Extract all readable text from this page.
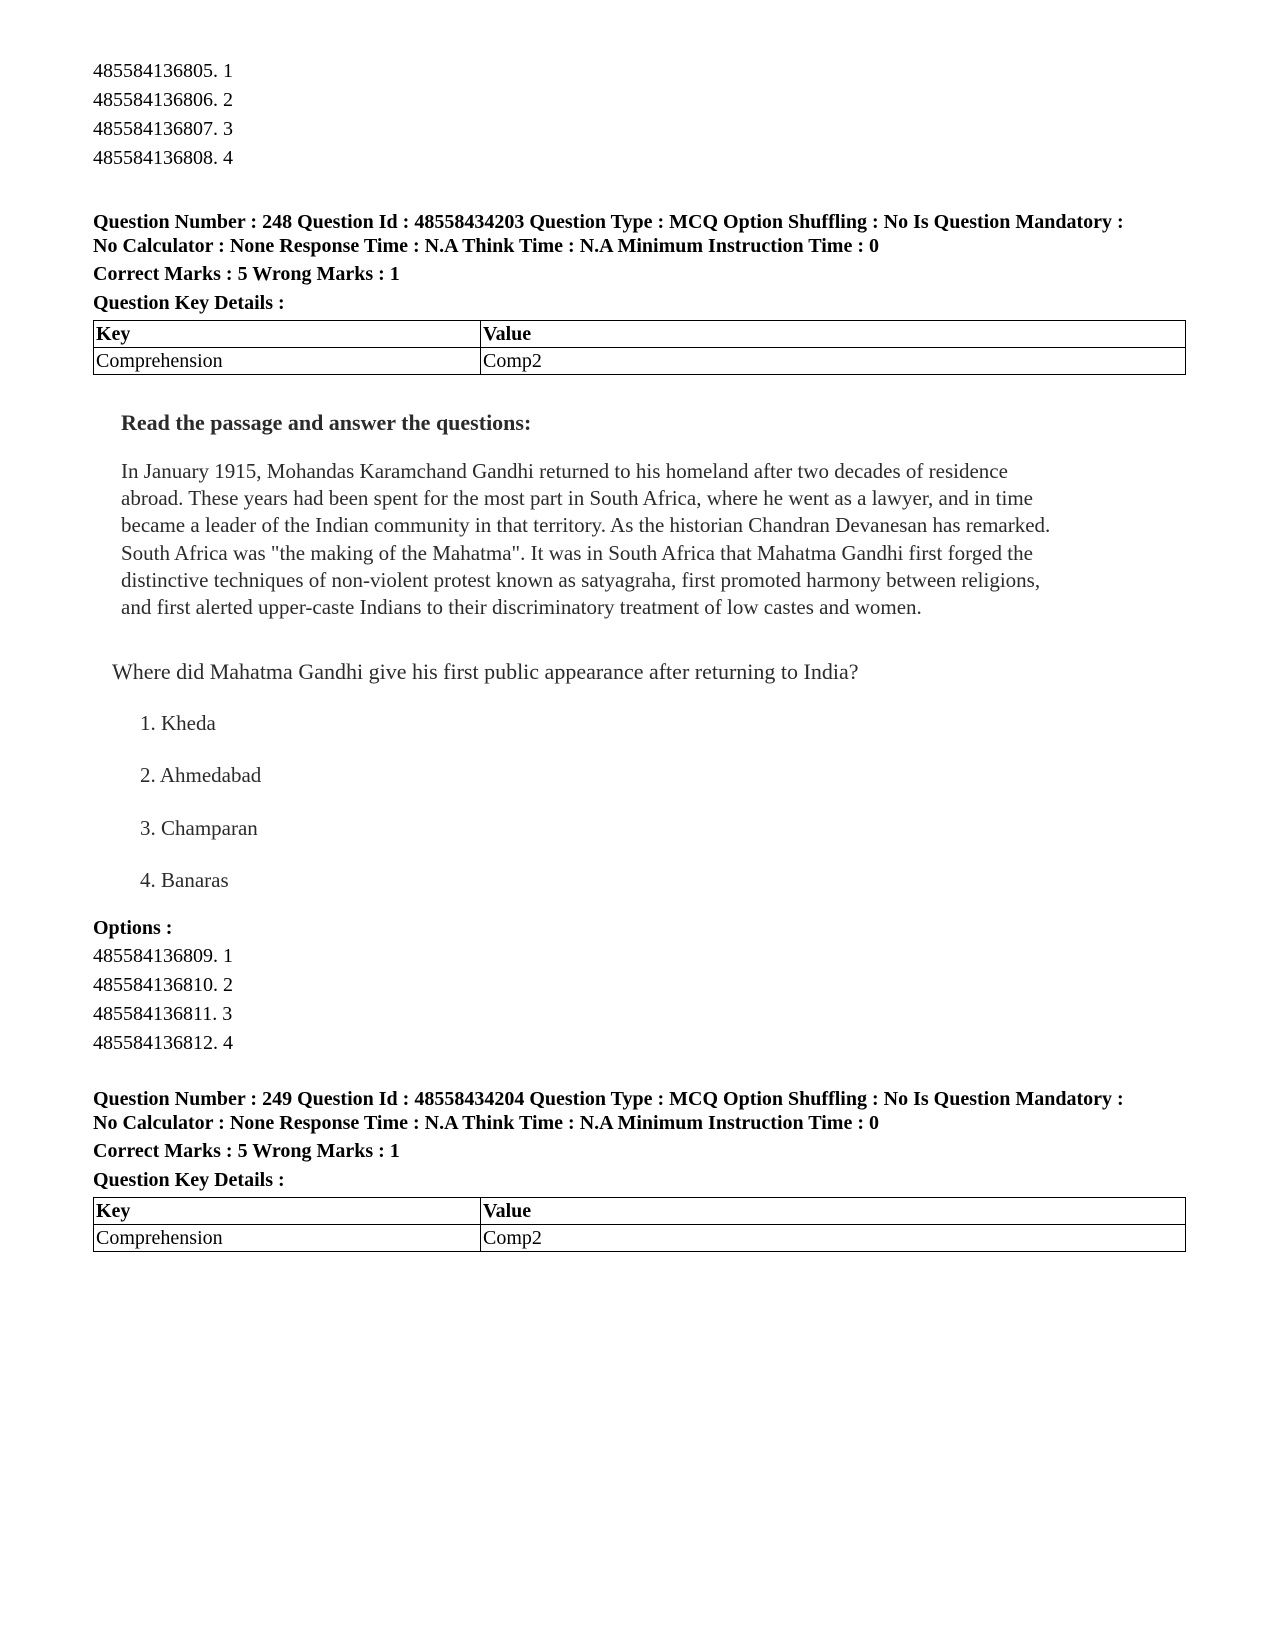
485584136805. 1
485584136806. 2
485584136807. 3
485584136808. 4
Question Number : 248 Question Id : 48558434203 Question Type : MCQ Option Shuffling : No Is Question Mandatory :
No Calculator : None Response Time : N.A Think Time : N.A Minimum Instruction Time : 0
Correct Marks : 5 Wrong Marks : 1
Question Key Details :
Key	Value
Comprehension	Comp2
Read the passage and answer the questions:
In January 1915, Mohandas Karamchand Gandhi returned to his homeland after two decades of residence
abroad. These years had been spent for the most part in South Africa, where he went as a lawyer, and in time
became a leader of the Indian community in that territory. As the historian Chandran Devanesan has remarked.
South Africa was "the making of the Mahatma". It was in South Africa that Mahatma Gandhi first forged the
distinctive techniques of non-violent protest known as satyagraha, first promoted harmony between religions,
and first alerted upper-caste Indians to their discriminatory treatment of low castes and women.
Where did Mahatma Gandhi give his first public appearance after returning to India?
1. Kheda
2. Ahmedabad
3. Champaran
4. Banaras
Options :
485584136809. 1
485584136810. 2
485584136811. 3
485584136812. 4
Question Number : 249 Question Id : 48558434204 Question Type : MCQ Option Shuffling : No Is Question Mandatory :
No Calculator : None Response Time : N.A Think Time : N.A Minimum Instruction Time : 0
Correct Marks : 5 Wrong Marks : 1
Question Key Details :
Key	Value
Comprehension	Comp2
